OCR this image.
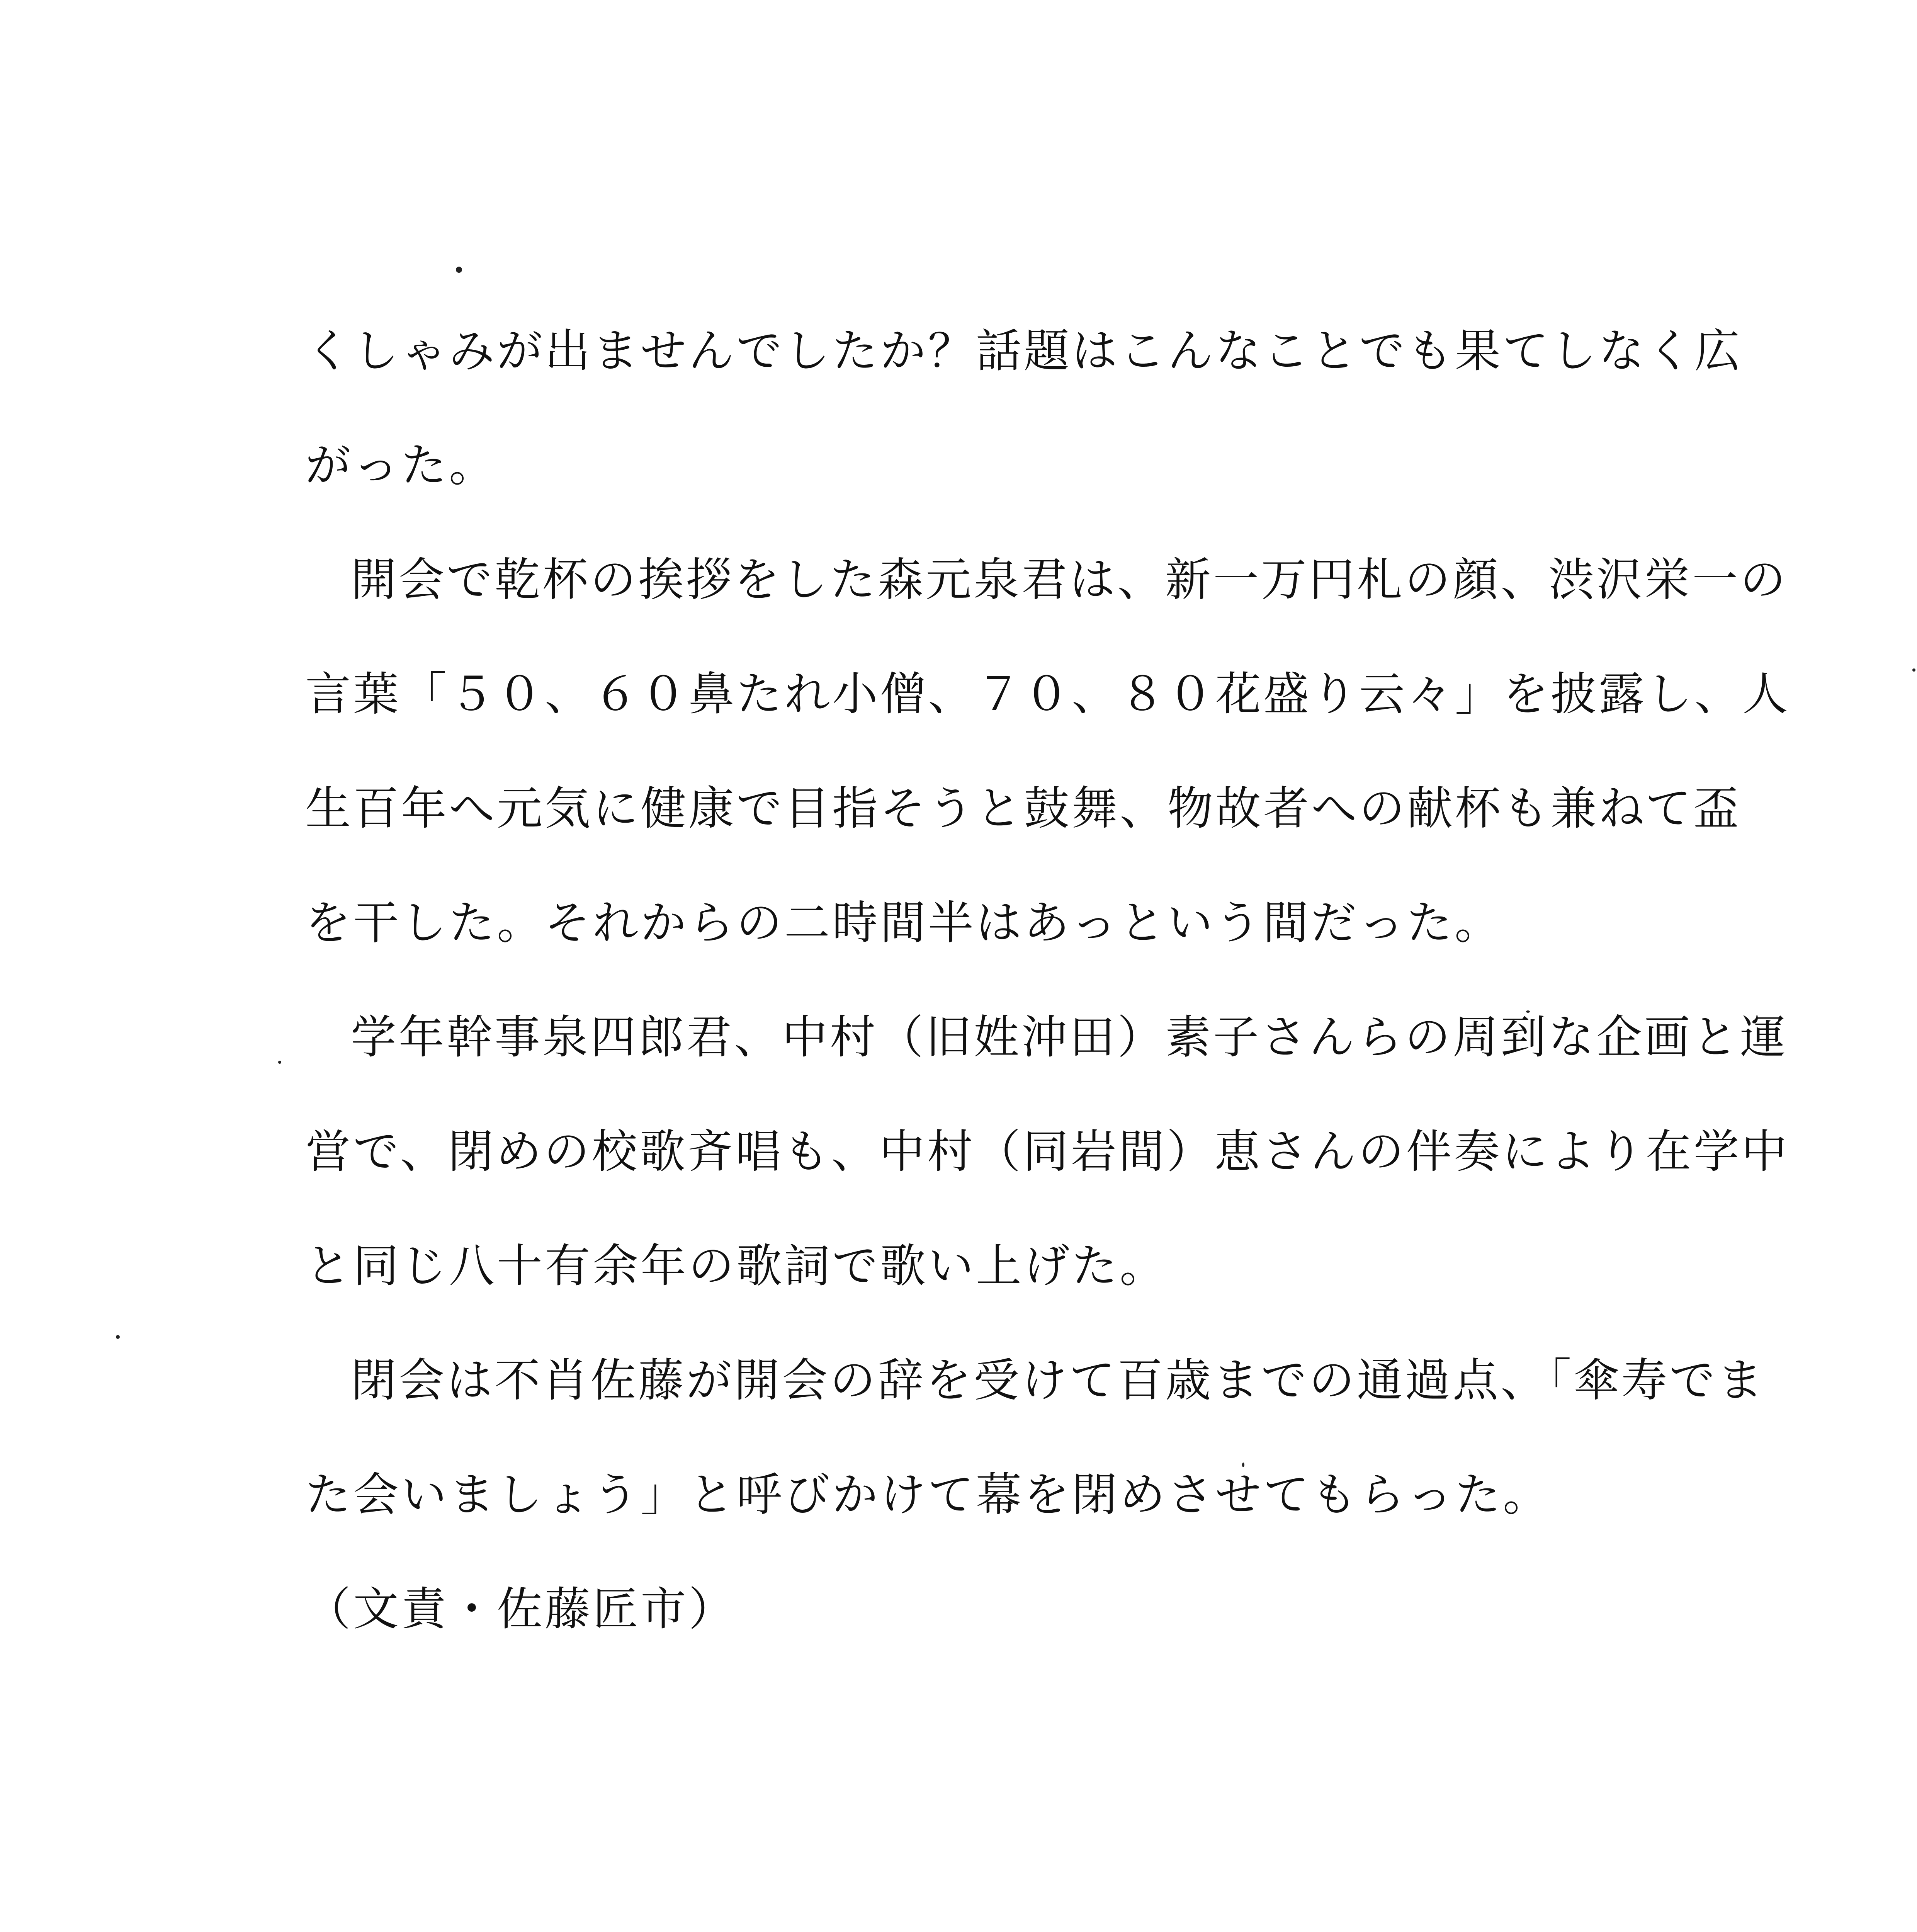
くしゃみが出ませんでしたか？話題はこんなことでも果てしなく広
がった。
開会で乾杯の挨拶をした森元泉君は、新一万円札の顔、渋沢栄一の
言葉「５０、６０鼻たれ小僧、７０、８０花盛り云々」を披露し、人
生百年へ元気に健康で目指そうと鼓舞、物故者への献杯も兼ねて盃
を干した。それからの二時間半はあっという間だった。
学年幹事泉四郎君、中村（旧姓沖田）素子さんらの周到な企画と運
営で、閉めの校歌斉唱も、中村（同岩間）恵さんの伴奏により在学中
と同じ八十有余年の歌詞で歌い上げた。
閉会は不肖佐藤が開会の辞を受けて百歳までの通過点、「傘寿でま
た会いましょう」と呼びかけて幕を閉めさせてもらった。
（文責・佐藤匠市）
